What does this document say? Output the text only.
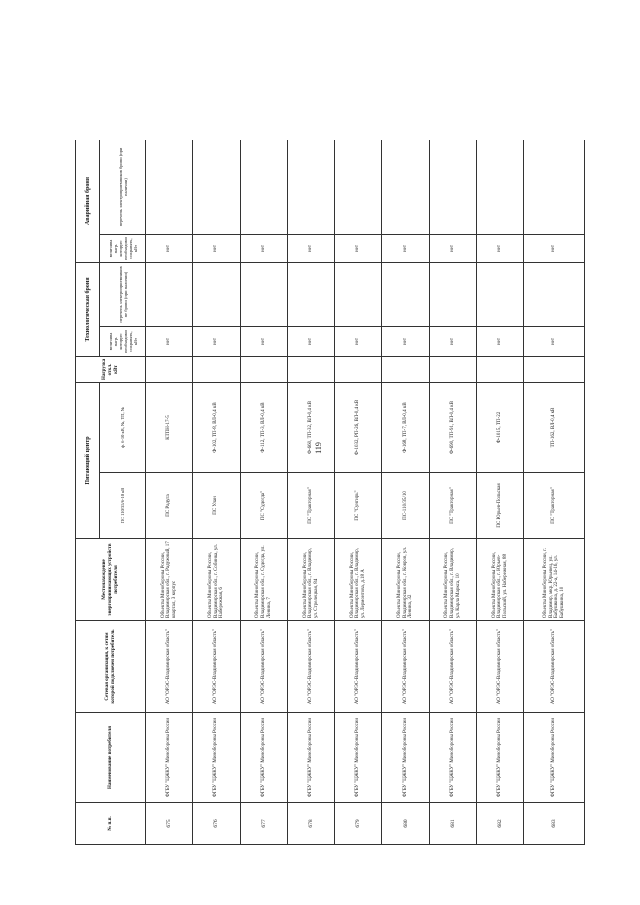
119
№ п.п.	Наименование потребителя	Сетевая организация, к сетям которой подключен потребитель	Местонахождение энергопринимающих устройств потребителя	Питающий центр		Нагрузка откл. кВт	Технологическая броня		Аварийная броня	
				ПС 110/35/6-10 кВ	ф. 6-10 кВ, №, ТП, №		величина нагр. которую необходимо сохранять, кВт	перечень электроприемников не брони (при наличии)	величина нагр. которую необходимо сохранять, кВт	перечень электроприемников брони (при наличии)

675	ФГБУ "ЦЖКУ" Минобороны России	АО "ОРЭС-Владимирская область"	Объекты Минобороны России, Владимирская обл., г. Радужный, 17 квартал, 3 корпус	ПС Радуга	КТПН-17-5		нет		нет	
676	ФГБУ "ЦЖКУ" Минобороны России	АО "ОРЭС-Владимирская область"	Объекты Минобороны России, Владимирская обл., г. Собинка, ул. Набережная, 6	ПС Улан	Ф-102, ТП-8, ВЛ-0,4 кВ		нет		нет	
677	ФГБУ "ЦЖКУ" Минобороны России	АО "ОРЭС-Владимирская область"	Объекты Минобороны России, Владимирская обл., г. Судогда, ул. Ленина, 7	ПС "Судогда"	Ф-112, ТП-3, ВЛ-0,4 кВ		нет		нет	
678	ФГБУ "ЦЖКУ" Минобороны России	АО "ОРЭС-Владимирская область"	Объекты Минобороны России, Владимирская обл., г. Владимир, ул. Стрелецкая, 84	ПС "Тракторная"	Ф-660, ТП-32, ВЛ-0,4 кВ		нет		нет	
679	ФГБУ "ЦЖКУ" Минобороны России	АО "ОРЭС-Владимирская область"	Объекты Минобороны России, Владимирская обл., г. Владимир, ул. Лермонтова, д.18 А	ПС "Сунгирь"	Ф-1032, РП-26, ВЛ-0,4 кВ		нет		нет	
680	ФГБУ "ЦЖКУ" Минобороны России	АО "ОРЭС-Владимирская область"	Объекты Минобороны России, Владимирская обл., г. Ковров, ул. Ленина, 32	ПС-110/35/10	Ф-168, ТП-7, ВЛ-0,4 кВ		нет		нет	
681	ФГБУ "ЦЖКУ" Минобороны России	АО "ОРЭС-Владимирская область"	Объекты Минобороны России, Владимирская обл., г. Владимир, ул. Карла Маркса, 10	ПС "Тракторная"	Ф-690, ТП-91, ВЛ-0,4 кВ		нет		нет	
682	ФГБУ "ЦЖКУ" Минобороны России	АО "ОРЭС-Владимирская область"	Объекты Минобороны России, Владимирская обл., г. Юрьев-Польский, ул. Набережная, 88	ПС Юрьев-Польская	Ф-1015, ТП-22		нет		нет	
683	ФГБУ "ЦЖКУ" Минобороны России	АО "ОРЭС-Владимирская область"	Объекты Минобороны России, г. Владимир, мкр. Юрьевец, ул. Бабушкина, д. 22-а, 14-16, ул. Бабушкина, 10	ПС "Тракторная"	ТП-162, ВЛ-0,4 кВ		нет		нет	
